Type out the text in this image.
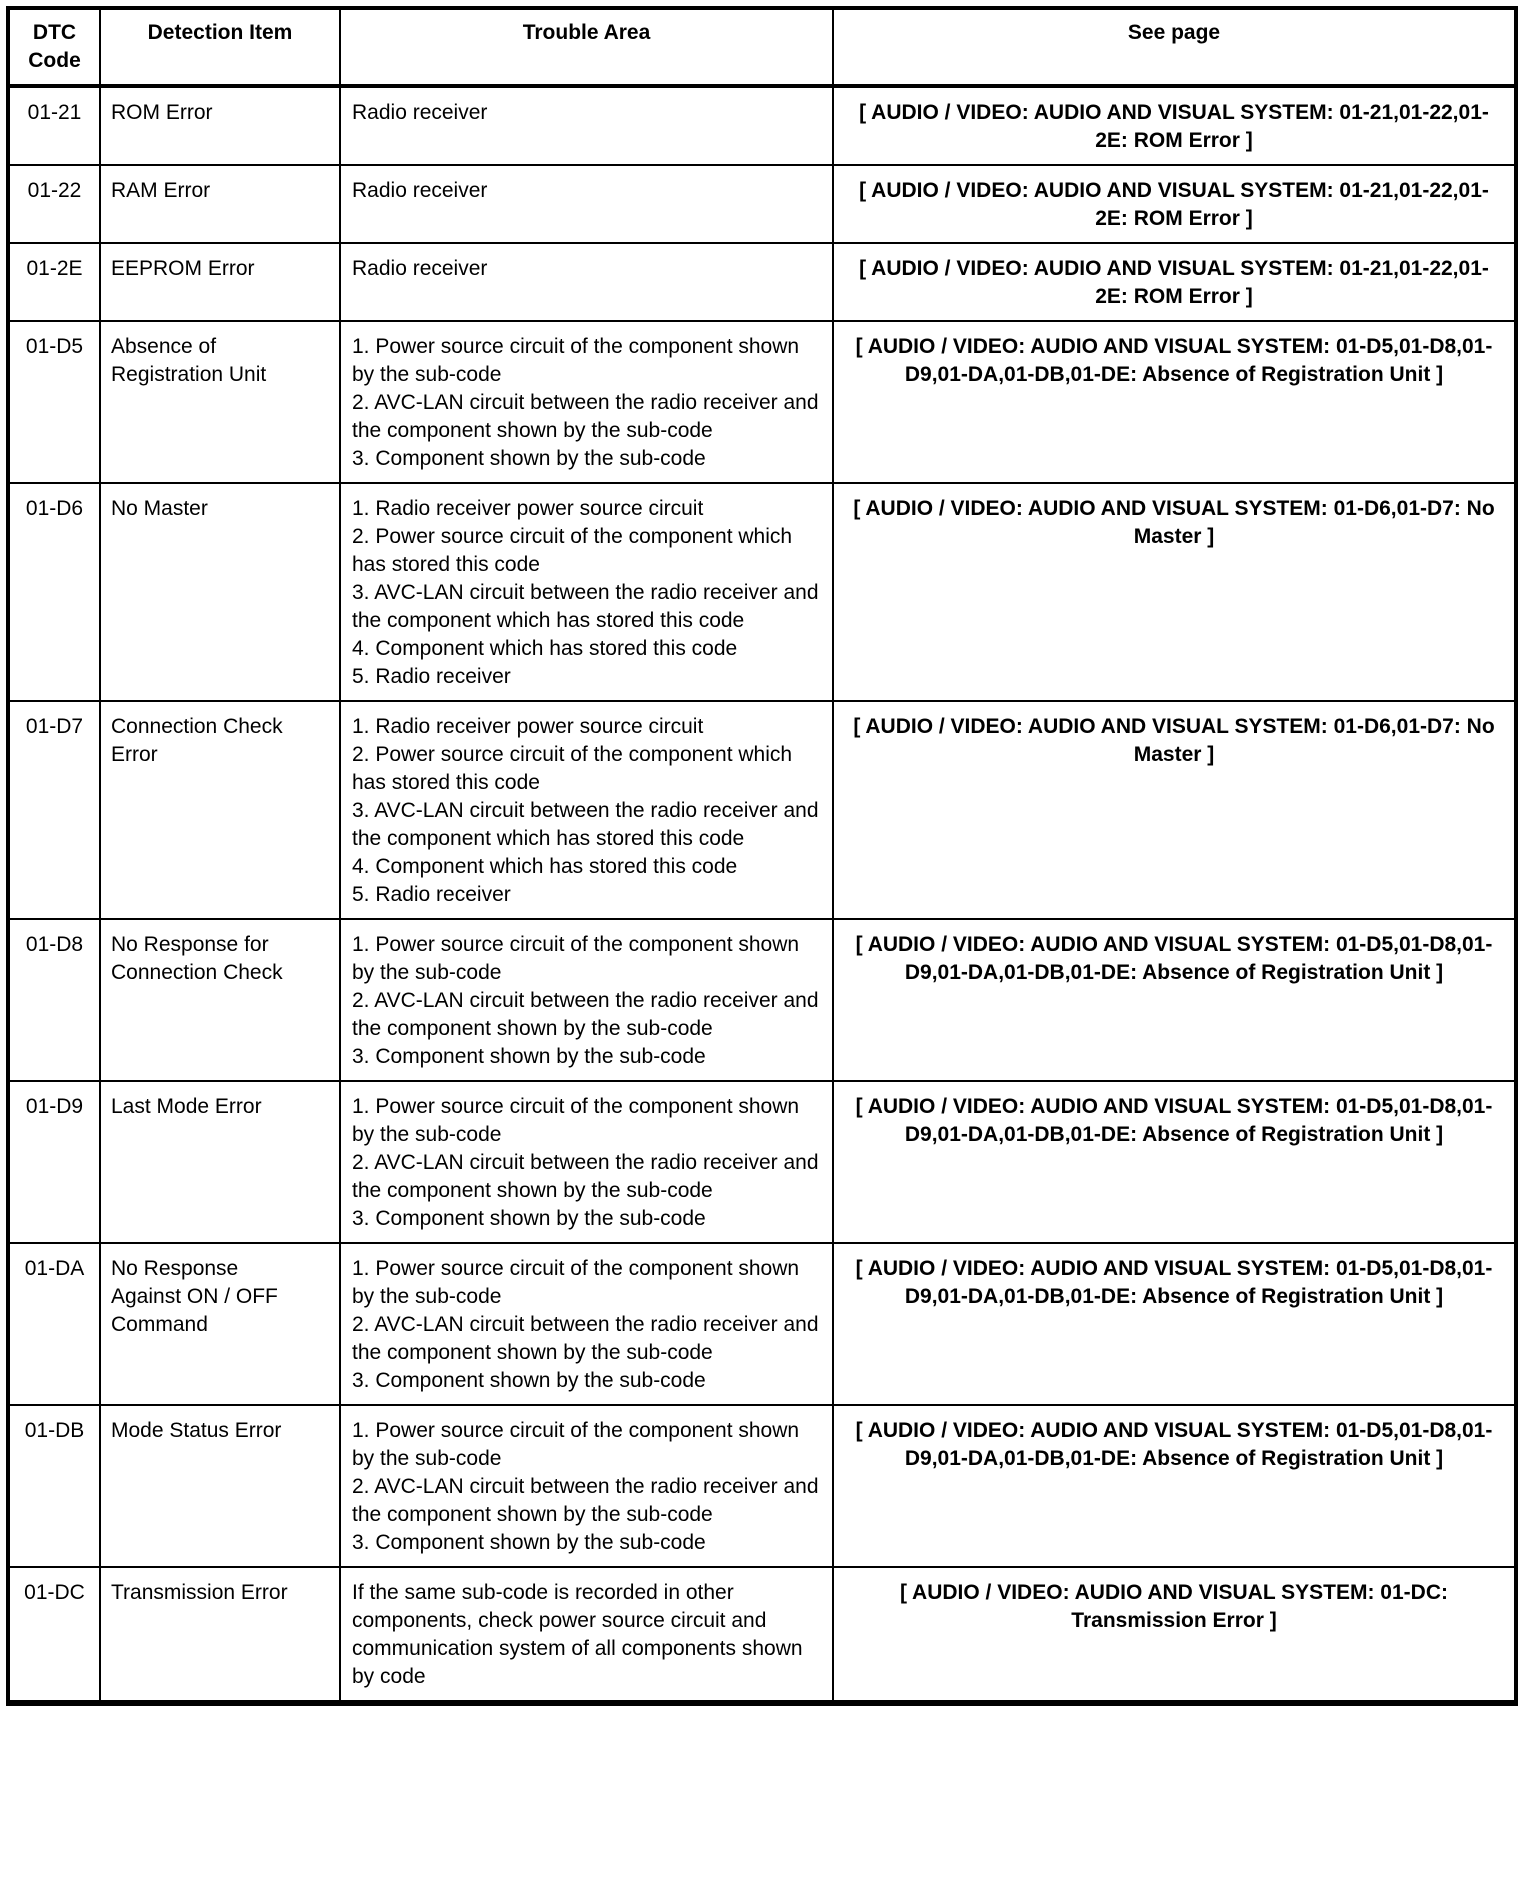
DTC Code	Detection Item	Trouble Area	See page
01-21	ROM Error	Radio receiver	[ AUDIO / VIDEO: AUDIO AND VISUAL SYSTEM: 01-21,01-22,01-2E: ROM Error ]
01-22	RAM Error	Radio receiver	[ AUDIO / VIDEO: AUDIO AND VISUAL SYSTEM: 01-21,01-22,01-2E: ROM Error ]
01-2E	EEPROM Error	Radio receiver	[ AUDIO / VIDEO: AUDIO AND VISUAL SYSTEM: 01-21,01-22,01-2E: ROM Error ]
01-D5	Absence of Registration Unit	1. Power source circuit of the component shown by the sub-code
2. AVC-LAN circuit between the radio receiver and the component shown by the sub-code
3. Component shown by the sub-code	[ AUDIO / VIDEO: AUDIO AND VISUAL SYSTEM: 01-D5,01-D8,01-D9,01-DA,01-DB,01-DE: Absence of Registration Unit ]
01-D6	No Master	1. Radio receiver power source circuit
2. Power source circuit of the component which has stored this code
3. AVC-LAN circuit between the radio receiver and the component which has stored this code
4. Component which has stored this code
5. Radio receiver	[ AUDIO / VIDEO: AUDIO AND VISUAL SYSTEM: 01-D6,01-D7: No Master ]
01-D7	Connection Check Error	1. Radio receiver power source circuit
2. Power source circuit of the component which has stored this code
3. AVC-LAN circuit between the radio receiver and the component which has stored this code
4. Component which has stored this code
5. Radio receiver	[ AUDIO / VIDEO: AUDIO AND VISUAL SYSTEM: 01-D6,01-D7: No Master ]
01-D8	No Response for Connection Check	1. Power source circuit of the component shown by the sub-code
2. AVC-LAN circuit between the radio receiver and the component shown by the sub-code
3. Component shown by the sub-code	[ AUDIO / VIDEO: AUDIO AND VISUAL SYSTEM: 01-D5,01-D8,01-D9,01-DA,01-DB,01-DE: Absence of Registration Unit ]
01-D9	Last Mode Error	1. Power source circuit of the component shown by the sub-code
2. AVC-LAN circuit between the radio receiver and the component shown by the sub-code
3. Component shown by the sub-code	[ AUDIO / VIDEO: AUDIO AND VISUAL SYSTEM: 01-D5,01-D8,01-D9,01-DA,01-DB,01-DE: Absence of Registration Unit ]
01-DA	No Response Against ON / OFF Command	1. Power source circuit of the component shown by the sub-code
2. AVC-LAN circuit between the radio receiver and the component shown by the sub-code
3. Component shown by the sub-code	[ AUDIO / VIDEO: AUDIO AND VISUAL SYSTEM: 01-D5,01-D8,01-D9,01-DA,01-DB,01-DE: Absence of Registration Unit ]
01-DB	Mode Status Error	1. Power source circuit of the component shown by the sub-code
2. AVC-LAN circuit between the radio receiver and the component shown by the sub-code
3. Component shown by the sub-code	[ AUDIO / VIDEO: AUDIO AND VISUAL SYSTEM: 01-D5,01-D8,01-D9,01-DA,01-DB,01-DE: Absence of Registration Unit ]
01-DC	Transmission Error	If the same sub-code is recorded in other components, check power source circuit and communication system of all components shown by code	[ AUDIO / VIDEO: AUDIO AND VISUAL SYSTEM: 01-DC: Transmission Error ]
